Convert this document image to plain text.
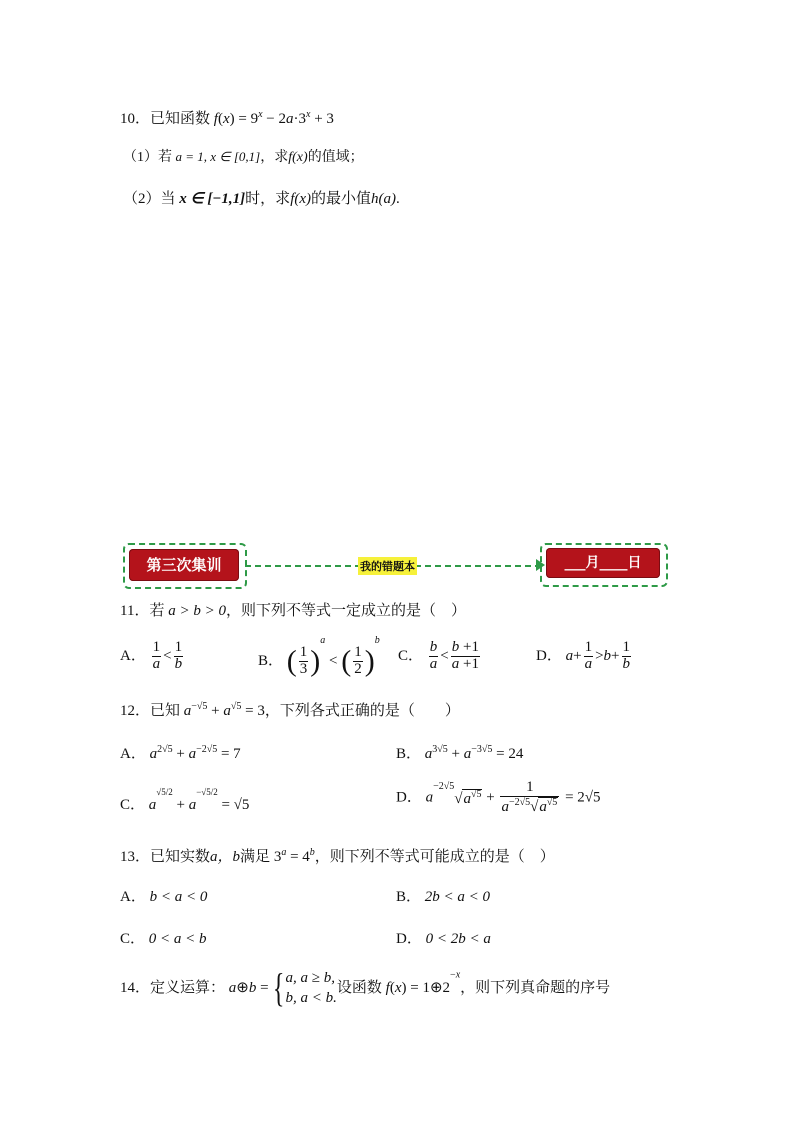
10．已知函数 $f(x) = 9^x - 2a\cdot 3^x + 3$
（1）若 a = 1, x ∈ [0,1]，求f(x)的值域；
（2）当 x ∈ [−1,1]时，求f(x)的最小值h(a).
第三次集训	我的错题本	___月____日
11．若 a > b > 0，则下列不等式一定成立的是（　）
A． $\frac{1}{a} < \frac{1}{b}$	B． ( $\frac{1}{3} )^a$ < ( $\frac{1}{2} )^b$
C． $\frac{b}{a} < \frac{b +1}{a +1}$	D． $a+ \frac{1}{a} >b+ \frac{1}{b}$
12．已知 $a^{-√5} + a^{√5} = 3$，下列各式正确的是（　　）
A． $a^{2√5} + a^{-2√5} = 7$	B． $a^{3√5} + a^{-3√5} = 24$
C． $a^{√5/2} + a^{-√5/2} = √5$	D． $a^{-2√5}√a^{√5} + \frac{1}{a^{-2√5}√a^{√5}} = 2√5$
13．已知实数a，b满足 $3^a = 4^b$，则下列不等式可能成立的是（　）
A． b < a < 0	B． 2b < a < 0
C． 0 < a < b	D． 0 < 2b < a
14．定义运算： a⊕b = {a, a ≥ b,
b, a < b.设函数 $f(x) = 1\oplus 2^{-x}$，则下列真命题的序号
